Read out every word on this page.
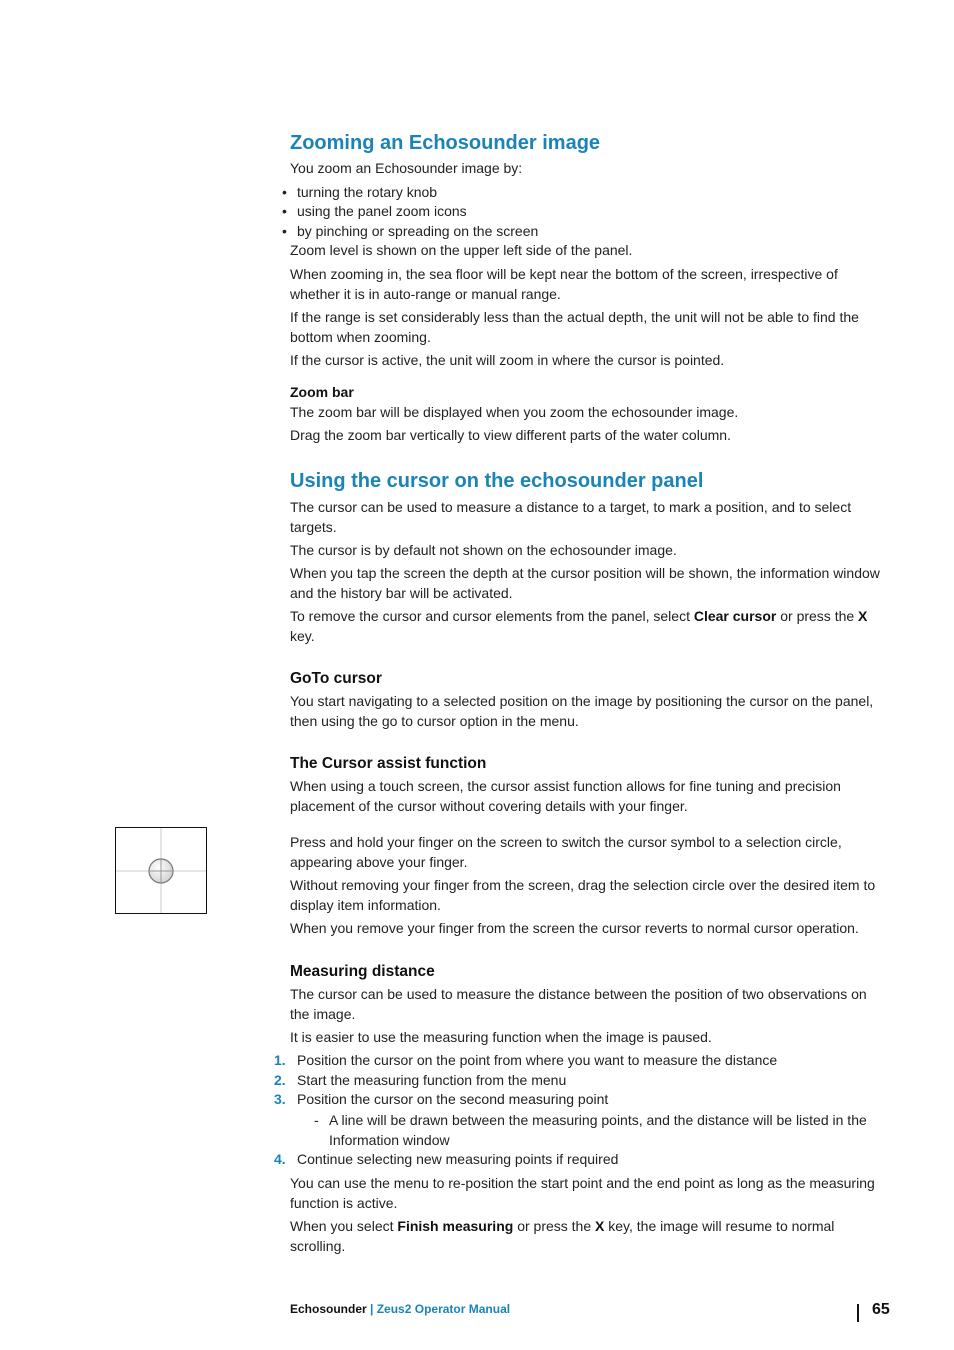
Zooming an Echosounder image

You zoom an Echosounder image by:

• turning the rotary knob

• using the panel zoom icons

• by pinching or spreading on the screen

Zoom level is shown on the upper left side of the panel.

When zooming in, the sea floor will be kept near the bottom of the screen, irrespective of whether it is in auto-range or manual range.

If the range is set considerably less than the actual depth, the unit will not be able to find the bottom when zooming.

If the cursor is active, the unit will zoom in where the cursor is pointed.

Zoom bar

The zoom bar will be displayed when you zoom the echosounder image.

Drag the zoom bar vertically to view different parts of the water column.

Using the cursor on the echosounder panel

The cursor can be used to measure a distance to a target, to mark a position, and to select targets.

The cursor is by default not shown on the echosounder image.

When you tap the screen the depth at the cursor position will be shown, the information window and the history bar will be activated.

To remove the cursor and cursor elements from the panel, select Clear cursor or press the X key.

GoTo cursor

You start navigating to a selected position on the image by positioning the cursor on the panel, then using the go to cursor option in the menu.

The Cursor assist function

When using a touch screen, the cursor assist function allows for fine tuning and precision placement of the cursor without covering details with your finger.

Press and hold your finger on the screen to switch the cursor symbol to a selection circle, appearing above your finger.

Without removing your finger from the screen, drag the selection circle over the desired item to display item information.

When you remove your finger from the screen the cursor reverts to normal cursor operation.

Measuring distance

The cursor can be used to measure the distance between the position of two observations on the image.

It is easier to use the measuring function when the image is paused.

1. Position the cursor on the point from where you want to measure the distance

2. Start the measuring function from the menu

3. Position the cursor on the second measuring point

- A line will be drawn between the measuring points, and the distance will be listed in the Information window

4. Continue selecting new measuring points if required

You can use the menu to re-position the start point and the end point as long as the measuring function is active.

When you select Finish measuring or press the X key, the image will resume to normal scrolling.

Echosounder | Zeus2 Operator Manual	65
